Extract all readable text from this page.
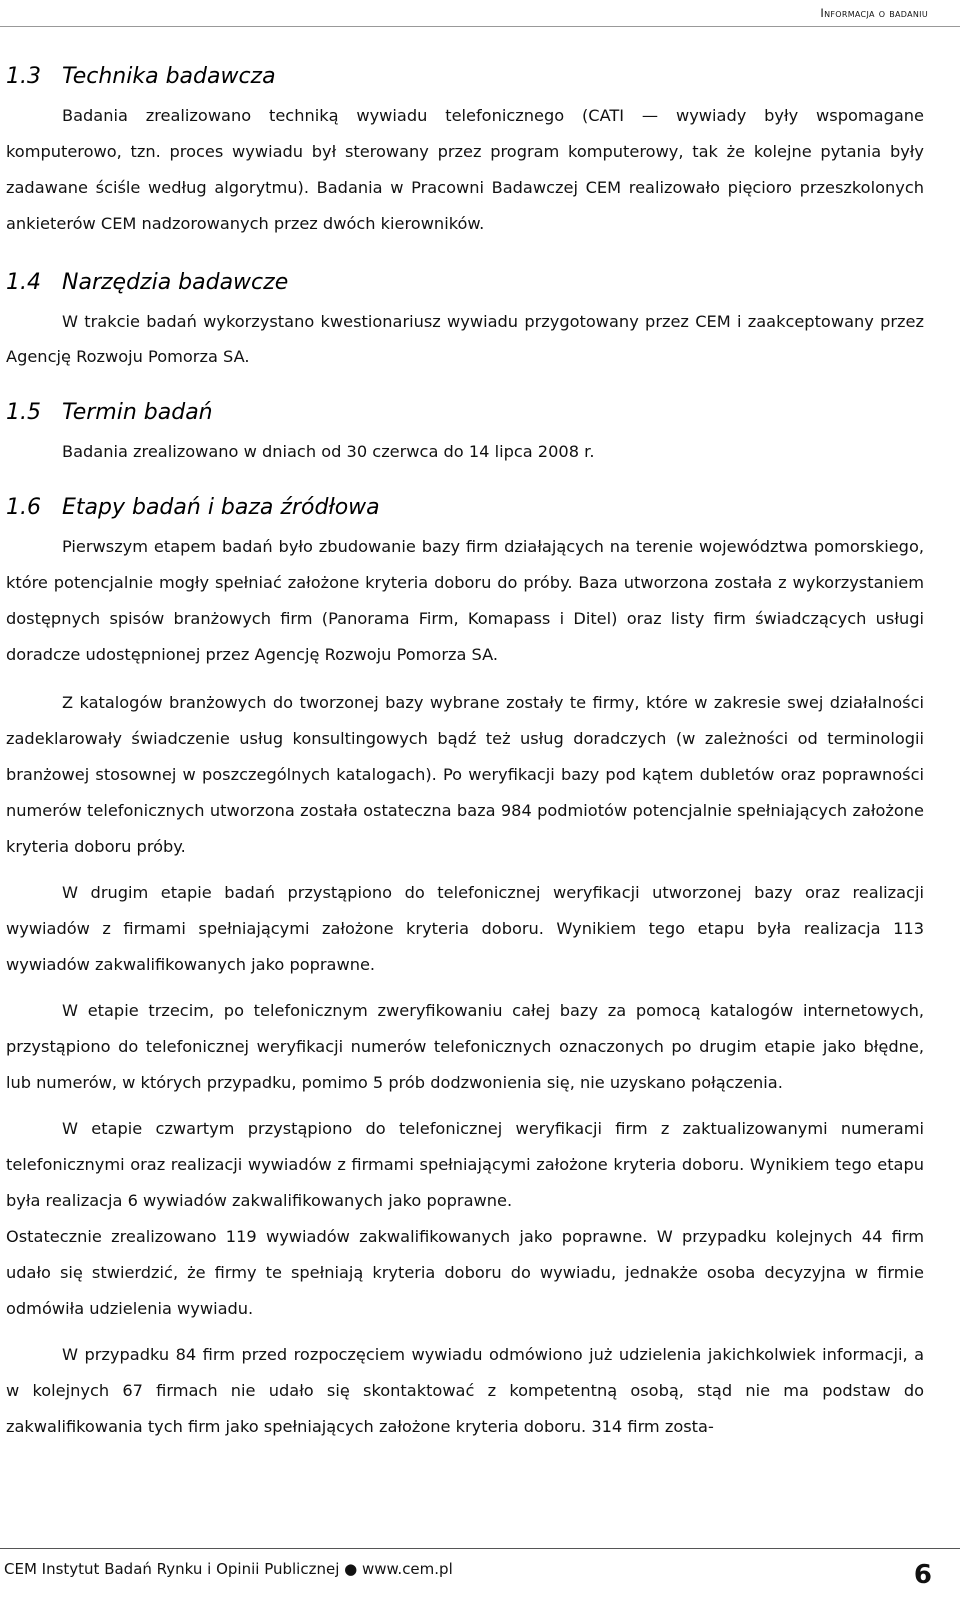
Informacja o badaniu
1.3 Technika badawcza

Badania zrealizowano techniką wywiadu telefonicznego (CATI — wywiady były wspomagane komputerowo, tzn. proces wywiadu był sterowany przez program komputerowy, tak że kolejne pytania były zadawane ściśle według algorytmu). Badania w Pracowni Badawczej CEM realizowało pięcioro przeszkolonych ankieterów CEM nadzorowanych przez dwóch kierowników.

1.4 Narzędzia badawcze

W trakcie badań wykorzystano kwestionariusz wywiadu przygotowany przez CEM i zaakceptowany przez Agencję Rozwoju Pomorza SA.

1.5 Termin badań

Badania zrealizowano w dniach od 30 czerwca do 14 lipca 2008 r.

1.6 Etapy badań i baza źródłowa

Pierwszym etapem badań było zbudowanie bazy firm działających na terenie województwa pomorskiego, które potencjalnie mogły spełniać założone kryteria doboru do próby. Baza utworzona została z wykorzystaniem dostępnych spisów branżowych firm (Panorama Firm, Komapass i Ditel) oraz listy firm świadczących usługi doradcze udostępnionej przez Agencję Rozwoju Pomorza SA.

Z katalogów branżowych do tworzonej bazy wybrane zostały te firmy, które w zakresie swej działalności zadeklarowały świadczenie usług konsultingowych bądź też usług doradczych (w zależności od terminologii branżowej stosownej w poszczególnych katalogach). Po weryfikacji bazy pod kątem dubletów oraz poprawności numerów telefonicznych utworzona została ostateczna baza 984 podmiotów potencjalnie spełniających założone kryteria doboru próby.

W drugim etapie badań przystąpiono do telefonicznej weryfikacji utworzonej bazy oraz realizacji wywiadów z firmami spełniającymi założone kryteria doboru. Wynikiem tego etapu była realizacja 113 wywiadów zakwalifikowanych jako poprawne.

W etapie trzecim, po telefonicznym zweryfikowaniu całej bazy za pomocą katalogów internetowych, przystąpiono do telefonicznej weryfikacji numerów telefonicznych oznaczonych po drugim etapie jako błędne, lub numerów, w których przypadku, pomimo 5 prób dodzwonienia się, nie uzyskano połączenia.

W etapie czwartym przystąpiono do telefonicznej weryfikacji firm z zaktualizowanymi numerami telefonicznymi oraz realizacji wywiadów z firmami spełniającymi założone kryteria doboru. Wynikiem tego etapu była realizacja 6 wywiadów zakwalifikowanych jako poprawne.

Ostatecznie zrealizowano 119 wywiadów zakwalifikowanych jako poprawne. W przypadku kolejnych 44 firm udało się stwierdzić, że firmy te spełniają kryteria doboru do wywiadu, jednakże osoba decyzyjna w firmie odmówiła udzielenia wywiadu.

W przypadku 84 firm przed rozpoczęciem wywiadu odmówiono już udzielenia jakichkolwiek informacji, a w kolejnych 67 firmach nie udało się skontaktować z kompetentną osobą, stąd nie ma podstaw do zakwalifikowania tych firm jako spełniających założone kryteria doboru. 314 firm zosta-

CEM Instytut Badań Rynku i Opinii Publicznej ● www.cem.pl	6
